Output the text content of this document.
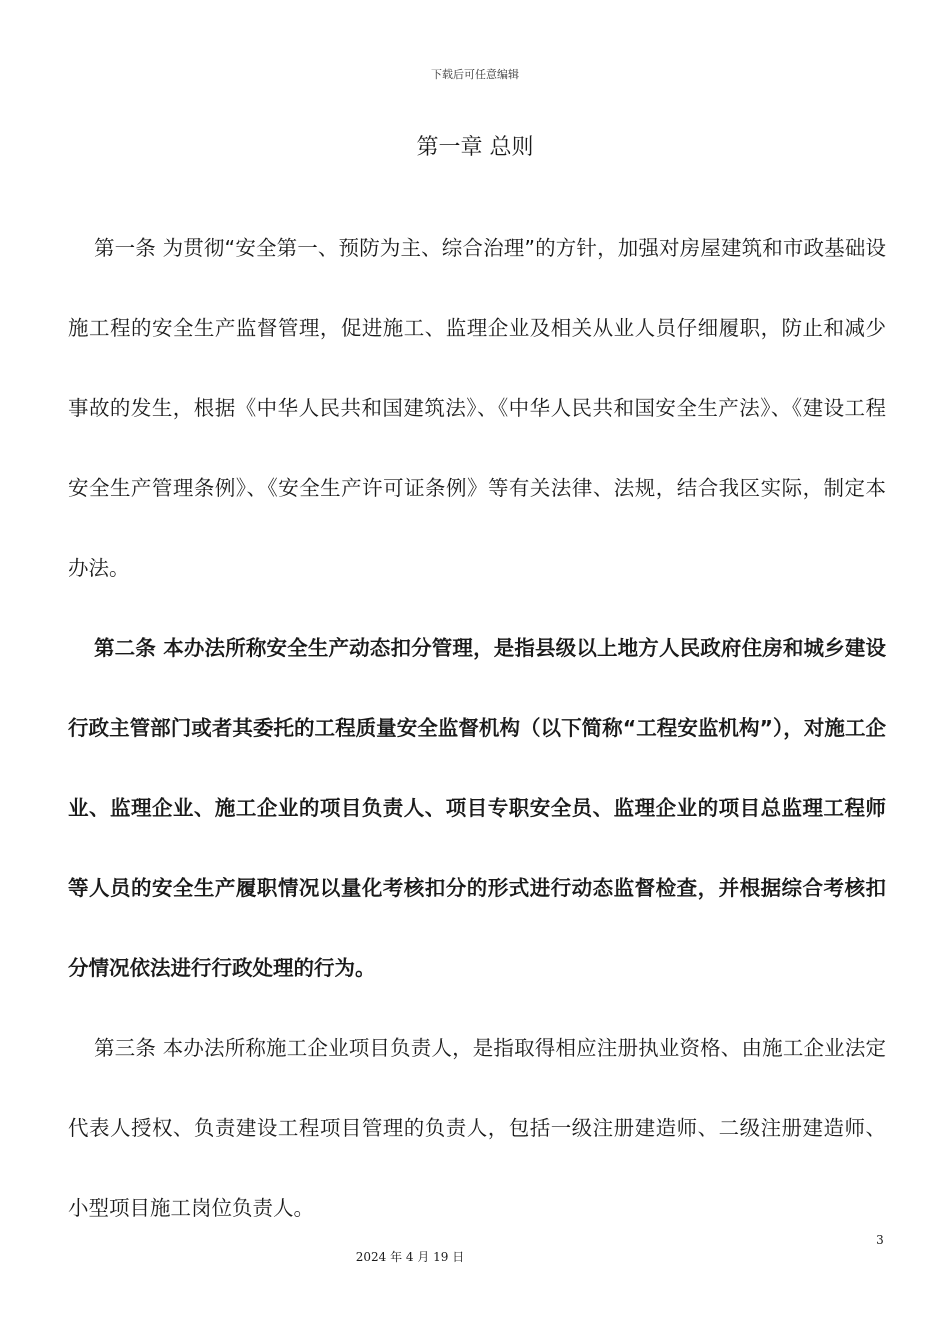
下载后可任意编辑
第一章 总则

第一条 为贯彻“安全第一、预防为主、综合治理”的方针，加强对房屋建筑和市政基础设施工程的安全生产监督管理，促进施工、监理企业及相关从业人员仔细履职，防止和减少事故的发生，根据《中华人民共和国建筑法》、《中华人民共和国安全生产法》、《建设工程安全生产管理条例》、《安全生产许可证条例》等有关法律、法规，结合我区实际，制定本办法。

第二条 本办法所称安全生产动态扣分管理，是指县级以上地方人民政府住房和城乡建设行政主管部门或者其委托的工程质量安全监督机构（以下简称“工程安监机构”），对施工企业、监理企业、施工企业的项目负责人、项目专职安全员、监理企业的项目总监理工程师等人员的安全生产履职情况以量化考核扣分的形式进行动态监督检查，并根据综合考核扣分情况依法进行行政处理的行为。

第三条 本办法所称施工企业项目负责人，是指取得相应注册执业资格、由施工企业法定代表人授权、负责建设工程项目管理的负责人，包括一级注册建造师、二级注册建造师、小型项目施工岗位负责人。

3
2024 年 4 月 19 日
